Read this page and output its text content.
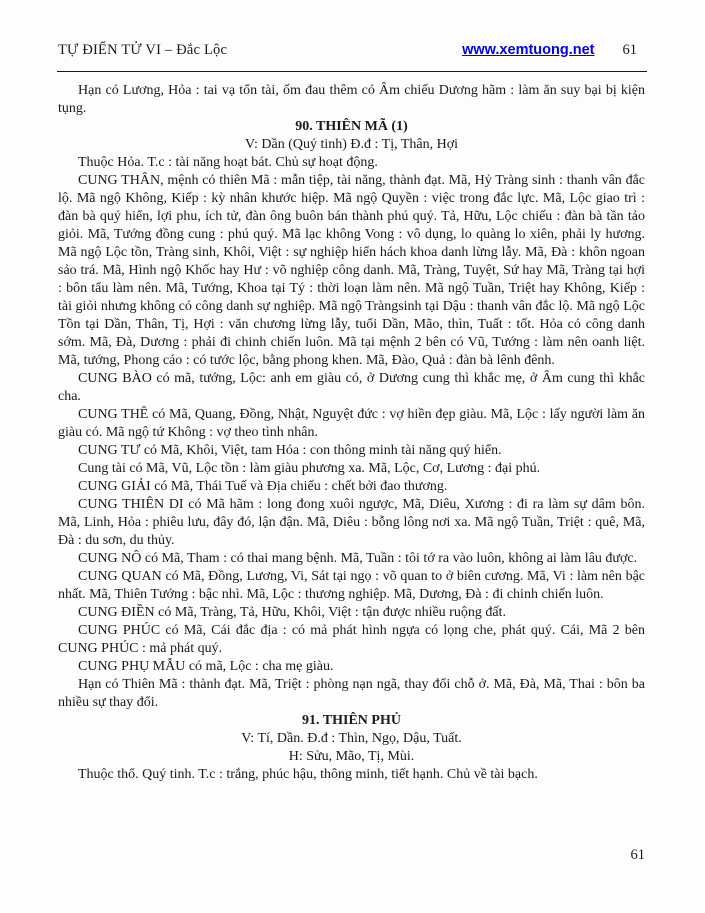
TỰ ĐIỂN TỬ VI – Đắc Lộc	www.xemtuong.net 61

Hạn có Lương, Hỏa : tai vạ tổn tài, ốm đau thêm có Âm chiếu Dương hãm : làm ăn suy bại bị kiện tụng.

90. THIÊN MÃ (1)

V: Dần (Quý tinh) Đ.đ : Tị, Thân, Hợi

Thuộc Hỏa. T.c : tài năng hoạt bát. Chủ sự hoạt động.

CUNG THÂN, mệnh có thiên Mã : mẫn tiệp, tài năng, thành đạt. Mã, Hỷ Tràng sinh : thanh vân đắc lộ. Mã ngộ Không, Kiếp : kỳ nhân khước hiệp. Mã ngộ Quyền : việc trong đắc lực. Mã, Lộc giao trì : đàn bà quý hiển, lợi phu, ích tử, đàn ông buôn bán thành phú quý. Tả, Hữu, Lộc chiếu : đàn bà tần tảo giỏi. Mã, Tướng đồng cung : phú quý. Mã lạc không Vong : vô dụng, lo quàng lo xiên, phải ly hương. Mã ngộ Lộc tồn, Tràng sinh, Khôi, Việt : sự nghiệp hiển hách khoa danh lừng lẫy. Mã, Đà : khôn ngoan sảo trá. Mã, Hình ngộ Khốc hay Hư : võ nghiệp công danh. Mã, Tràng, Tuyệt, Sứ hay Mã, Tràng tại hợi : bôn tẩu làm nên. Mã, Tướng, Khoa tại Tý : thời loạn làm nên. Mã ngộ Tuần, Triệt hay Không, Kiếp : tài giỏi nhưng không có công danh sự nghiệp. Mã ngộ Tràngsinh tại Dậu : thanh vân đắc lộ. Mã ngộ Lộc Tồn tại Dần, Thân, Tị, Hợi : văn chương lừng lẫy, tuổi Dần, Mão, thìn, Tuất : tốt. Hỏa có công danh sớm. Mã, Đà, Dương : phải đi chinh chiến luôn. Mã tại mệnh 2 bên có Vũ, Tướng : làm nên oanh liệt. Mã, tướng, Phong cáo : có tước lộc, bằng phong khen. Mã, Đào, Quả : đàn bà lênh đênh.

CUNG BÀO có mã, tướng, Lộc: anh em giàu có, ở Dương cung thì khắc mẹ, ở Âm cung thì khắc cha.

CUNG THÊ có Mã, Quang, Đồng, Nhật, Nguyệt đức : vợ hiền đẹp giàu. Mã, Lộc : lấy người làm ăn giàu có. Mã ngộ tứ Không : vợ theo tình nhân.

CUNG TƯ có Mã, Khôi, Việt, tam Hóa : con thông minh tài năng quý hiển.

Cung tài có Mã, Vũ, Lộc tồn : làm giàu phương xa. Mã, Lộc, Cơ, Lương : đại phú.

CUNG GIẢI có Mã, Thái Tuế và Địa chiếu : chết bởi đao thương.

CUNG THIÊN DI có Mã hãm : long đong xuôi ngược, Mã, Diêu, Xương : đi ra làm sự dâm bôn. Mã, Linh, Hỏa : phiêu lưu, đây đó, lận đận. Mã, Diêu : bỗng lông nơi xa. Mã ngộ Tuần, Triệt : quê, Mã, Đà : du sơn, du thủy.

CUNG NÔ có Mã, Tham : có thai mang bệnh. Mã, Tuần : tôi tớ ra vào luôn, không ai làm lâu được.

CUNG QUAN có Mã, Đồng, Lương, Vi, Sát tại ngọ : võ quan to ở biên cương. Mã, Vi : làm nên bậc nhất. Mã, Thiên Tướng : bậc nhì. Mã, Lộc : thương nghiệp. Mã, Dương, Đà : đi chinh chiến luôn.

CUNG ĐIỀN có Mã, Tràng, Tả, Hữu, Khôi, Việt : tận được nhiều ruộng đất.

CUNG PHÚC có Mã, Cái đắc địa : có mả phát hình ngựa có lọng che, phát quý. Cái, Mã 2 bên CUNG PHÚC : mả phát quý.

CUNG PHỤ MẪU có mã, Lộc : cha mẹ giàu.

Hạn có Thiên Mã : thành đạt. Mã, Triệt : phòng nạn ngã, thay đổi chỗ ở. Mã, Đà, Mã, Thai : bôn ba nhiều sự thay đổi.

91. THIÊN PHỦ

V: Tí, Dần. Đ.đ : Thìn, Ngọ, Dậu, Tuất.

H: Sửu, Mão, Tị, Mùi.

Thuộc thổ. Quý tinh. T.c : trắng, phúc hậu, thông minh, tiết hạnh. Chủ về tài bạch.

61
